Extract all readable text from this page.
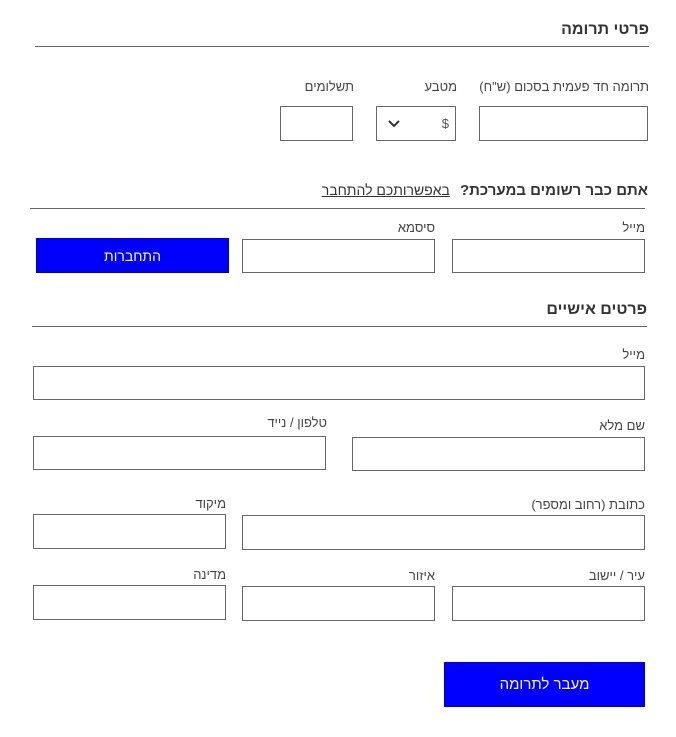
פרטי תרומה
תרומה חד פעמית בסכום (ש"ח)
מטבע
$
תשלומים
אתם כבר רשומים במערכת?
באפשרותכם להתחבר
מייל
סיסמא
התחברות
פרטים אישיים
מייל
שם מלא
טלפון / נייד
כתובת (רחוב ומספר)
מיקוד
עיר / יישוב
איזור
מדינה
מעבר לתרומה
